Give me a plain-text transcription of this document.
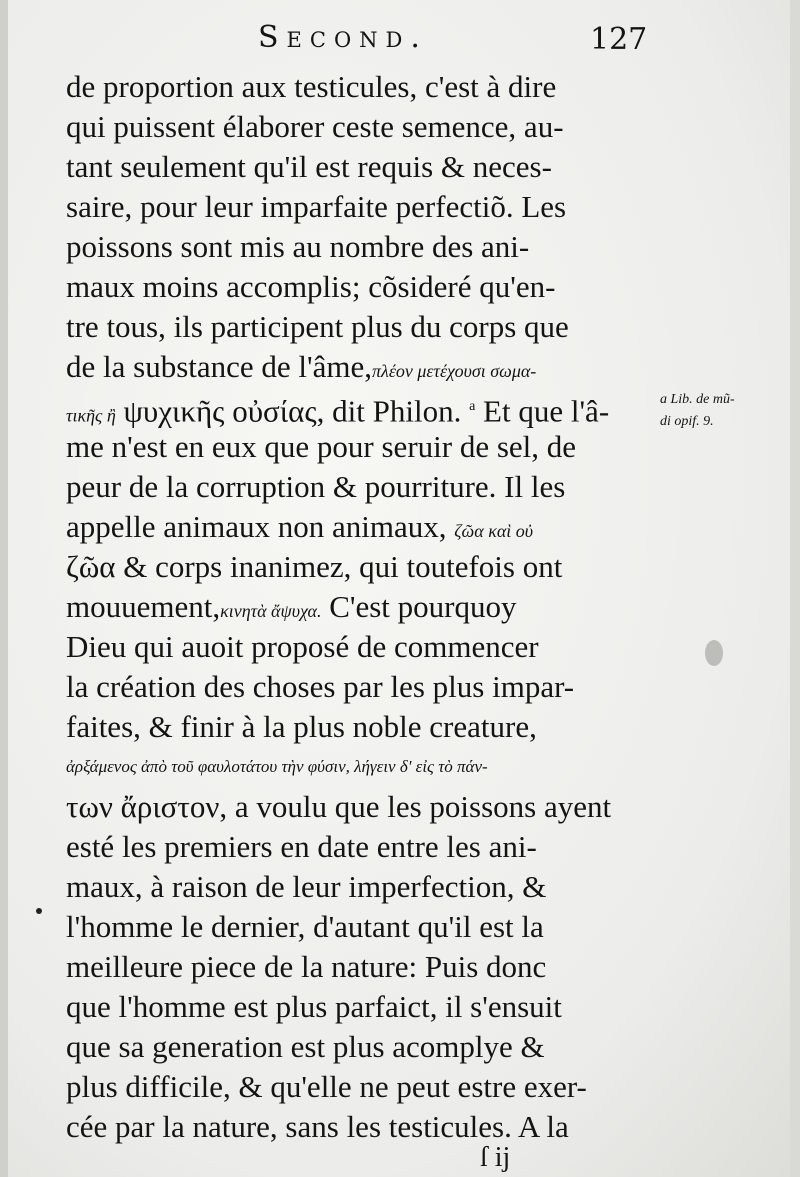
Second.	127
de proportion aux testicules, c'est à dire
qui puissent élaborer ceste semence, au-
tant seulement qu'il est requis & neces-
saire, pour leur imparfaite perfectiõ. Les
poissons sont mis au nombre des ani-
maux moins accomplis; cõsideré qu'en-
tre tous, ils participent plus du corps que
de la substance de l'âme,πλέον μετέχουσι σωμα-
τικῆς ἢ ψυχικῆς οὐσίας, dit Philon. $^a$ Et que l'â-
me n'est en eux que pour seruir de sel, de
peur de la corruption & pourriture. Il les
appelle animaux non animaux, ζῶα καὶ οὐ
ζῶα & corps inanimez, qui toutefois ont
mouuement,κινητὰ ἄψυχα. C'est pourquoy
Dieu qui auoit proposé de commencer
la création des choses par les plus impar-
faites, & finir à la plus noble creature,
ἀρξάμενος ἀπὸ τοῦ φαυλοτάτου τὴν φύσιν, λήγειν δ' εἰς τὸ πάν-
των ἄριστον, a voulu que les poissons ayent
esté les premiers en date entre les ani-
maux, à raison de leur imperfection, &
l'homme le dernier, d'autant qu'il est la
meilleure piece de la nature: Puis donc
que l'homme est plus parfaict, il s'ensuit
que sa generation est plus acomplye &
plus difficile, & qu'elle ne peut estre exer-
cée par la nature, sans les testicules. A la
a Lib. de mũ-
di opif. 9.
ſ ij
